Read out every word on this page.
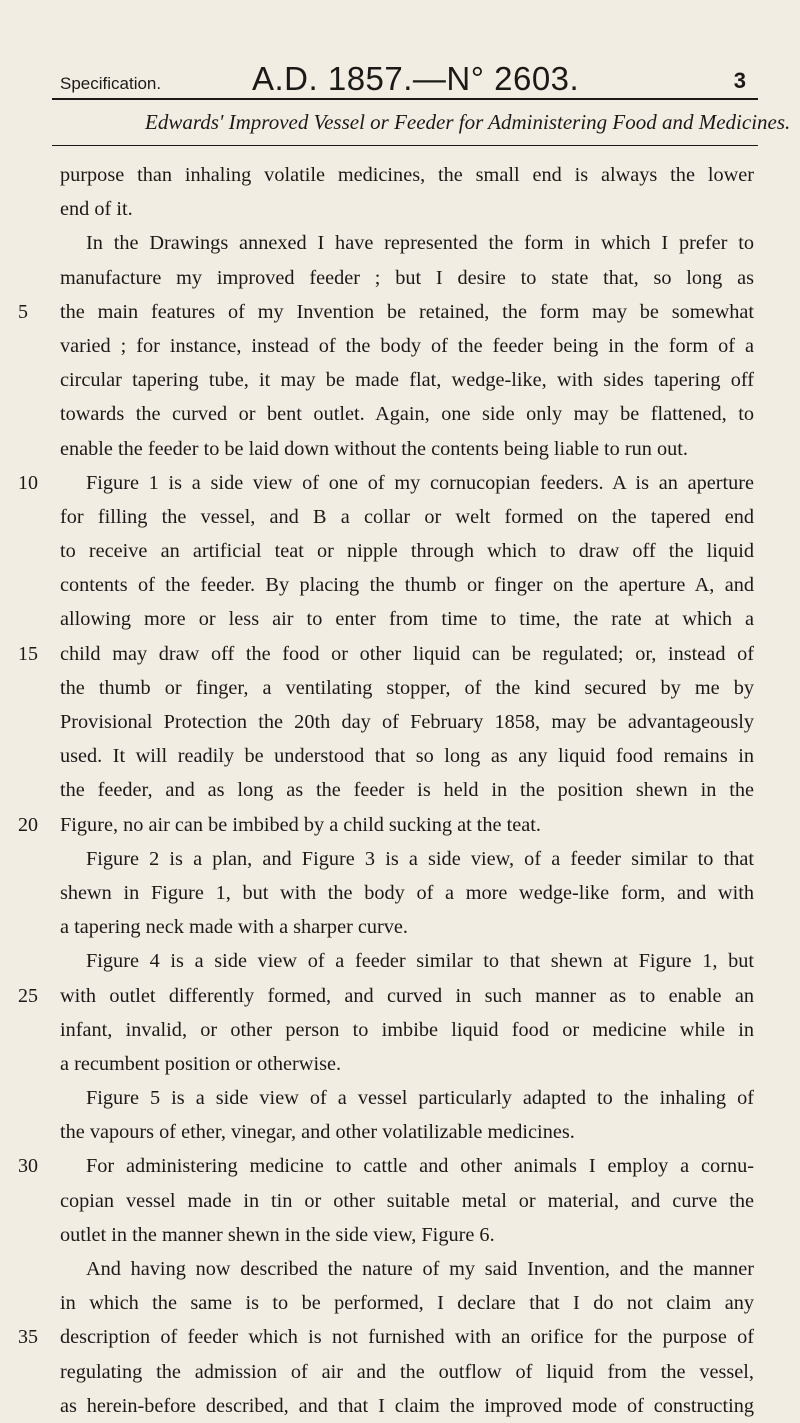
Specification.	A.D. 1857.—N° 2603.	3
Edwards' Improved Vessel or Feeder for Administering Food and Medicines.
purpose than inhaling volatile medicines, the small end is always the lower
end of it.
In the Drawings annexed I have represented the form in which I prefer to
manufacture my improved feeder ; but I desire to state that, so long as
5	the main features of my Invention be retained, the form may be somewhat
varied ; for instance, instead of the body of the feeder being in the form of a
circular tapering tube, it may be made flat, wedge-like, with sides tapering off
towards the curved or bent outlet. Again, one side only may be flattened, to
enable the feeder to be laid down without the contents being liable to run out.
10	Figure 1 is a side view of one of my cornucopian feeders. A is an aperture
for filling the vessel, and B a collar or welt formed on the tapered end
to receive an artificial teat or nipple through which to draw off the liquid
contents of the feeder. By placing the thumb or finger on the aperture A, and
allowing more or less air to enter from time to time, the rate at which a
15	child may draw off the food or other liquid can be regulated; or, instead of
the thumb or finger, a ventilating stopper, of the kind secured by me by
Provisional Protection the 20th day of February 1858, may be advantageously
used. It will readily be understood that so long as any liquid food remains in
the feeder, and as long as the feeder is held in the position shewn in the
20	Figure, no air can be imbibed by a child sucking at the teat.
Figure 2 is a plan, and Figure 3 is a side view, of a feeder similar to that
shewn in Figure 1, but with the body of a more wedge-like form, and with
a tapering neck made with a sharper curve.
Figure 4 is a side view of a feeder similar to that shewn at Figure 1, but
25	with outlet differently formed, and curved in such manner as to enable an
infant, invalid, or other person to imbibe liquid food or medicine while in
a recumbent position or otherwise.
Figure 5 is a side view of a vessel particularly adapted to the inhaling of
the vapours of ether, vinegar, and other volatilizable medicines.
30	For administering medicine to cattle and other animals I employ a cornu-
copian vessel made in tin or other suitable metal or material, and curve the
outlet in the manner shewn in the side view, Figure 6.
And having now described the nature of my said Invention, and the manner
in which the same is to be performed, I declare that I do not claim any
35	description of feeder which is not furnished with an orifice for the purpose of
regulating the admission of air and the outflow of liquid from the vessel,
as herein-before described, and that I claim the improved mode of constructing
